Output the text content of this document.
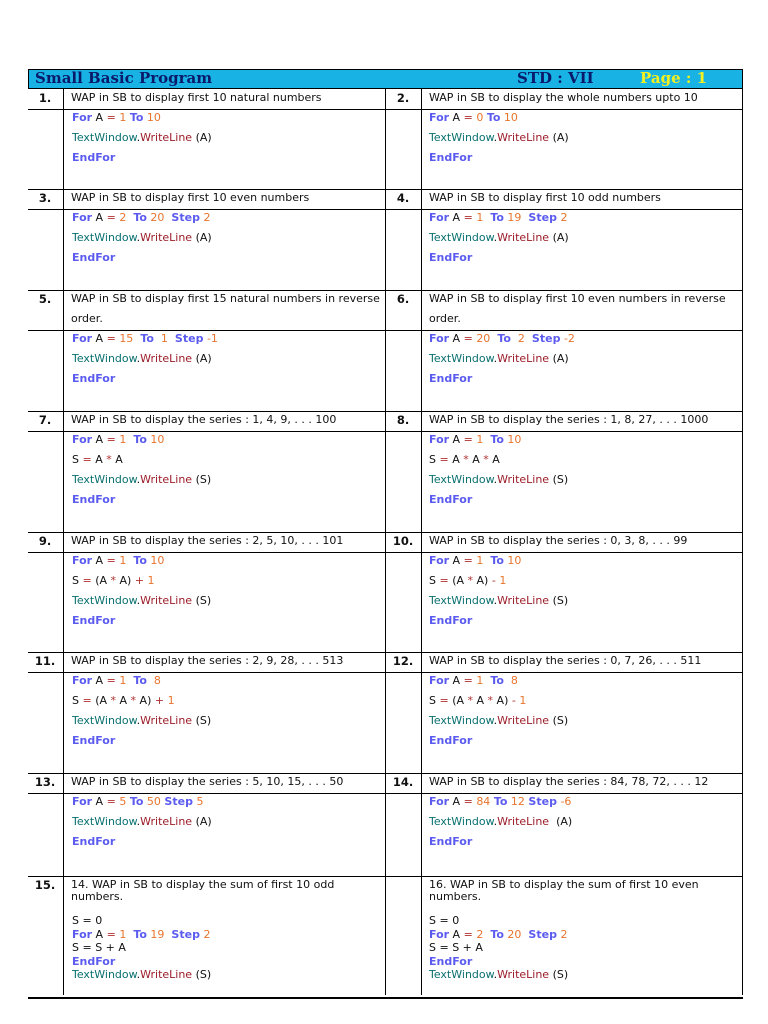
Small Basic Program	STD : VII	Page : 1
1.	WAP in SB to display first 10 natural numbers
For A = 1 To 10
TextWindow.WriteLine (A)
EndFor
2.	WAP in SB to display the whole numbers upto 10
For A = 0 To 10
TextWindow.WriteLine (A)
EndFor
3.	WAP in SB to display first 10 even numbers
For A = 2 To 20 Step 2
TextWindow.WriteLine (A)
EndFor
4.	WAP in SB to display first 10 odd numbers
For A = 1 To 19 Step 2
TextWindow.WriteLine (A)
EndFor
5.	WAP in SB to display first 15 natural numbers in reverse order.
For A = 15 To 1 Step -1
TextWindow.WriteLine (A)
EndFor
6.	WAP in SB to display first 10 even numbers in reverse order.
For A = 20 To 2 Step -2
TextWindow.WriteLine (A)
EndFor
7.	WAP in SB to display the series : 1, 4, 9, . . . 100
For A = 1 To 10
S = A * A
TextWindow.WriteLine (S)
EndFor
8.	WAP in SB to display the series : 1, 8, 27, . . . 1000
For A = 1 To 10
S = A * A * A
TextWindow.WriteLine (S)
EndFor
9.	WAP in SB to display the series : 2, 5, 10, . . . 101
For A = 1 To 10
S = (A * A) + 1
TextWindow.WriteLine (S)
EndFor
10.	WAP in SB to display the series : 0, 3, 8, . . . 99
For A = 1 To 10
S = (A * A) - 1
TextWindow.WriteLine (S)
EndFor
11.	WAP in SB to display the series : 2, 9, 28, . . . 513
For A = 1 To 8
S = (A * A * A) + 1
TextWindow.WriteLine (S)
EndFor
12.	WAP in SB to display the series : 0, 7, 26, . . . 511
For A = 1 To 8
S = (A * A * A) - 1
TextWindow.WriteLine (S)
EndFor
13.	WAP in SB to display the series : 5, 10, 15, . . . 50
For A = 5 To 50 Step 5
TextWindow.WriteLine (A)
EndFor
14.	WAP in SB to display the series : 84, 78, 72, . . . 12
For A = 84 To 12 Step -6
TextWindow.WriteLine  (A)
EndFor
15.	14. WAP in SB to display the sum of first 10 odd numbers.
S = 0
For A = 1 To 19 Step 2
S = S + A
EndFor
TextWindow.WriteLine (S)
16. WAP in SB to display the sum of first 10 even numbers.
S = 0
For A = 2 To 20 Step 2
S = S + A
EndFor
TextWindow.WriteLine (S)
